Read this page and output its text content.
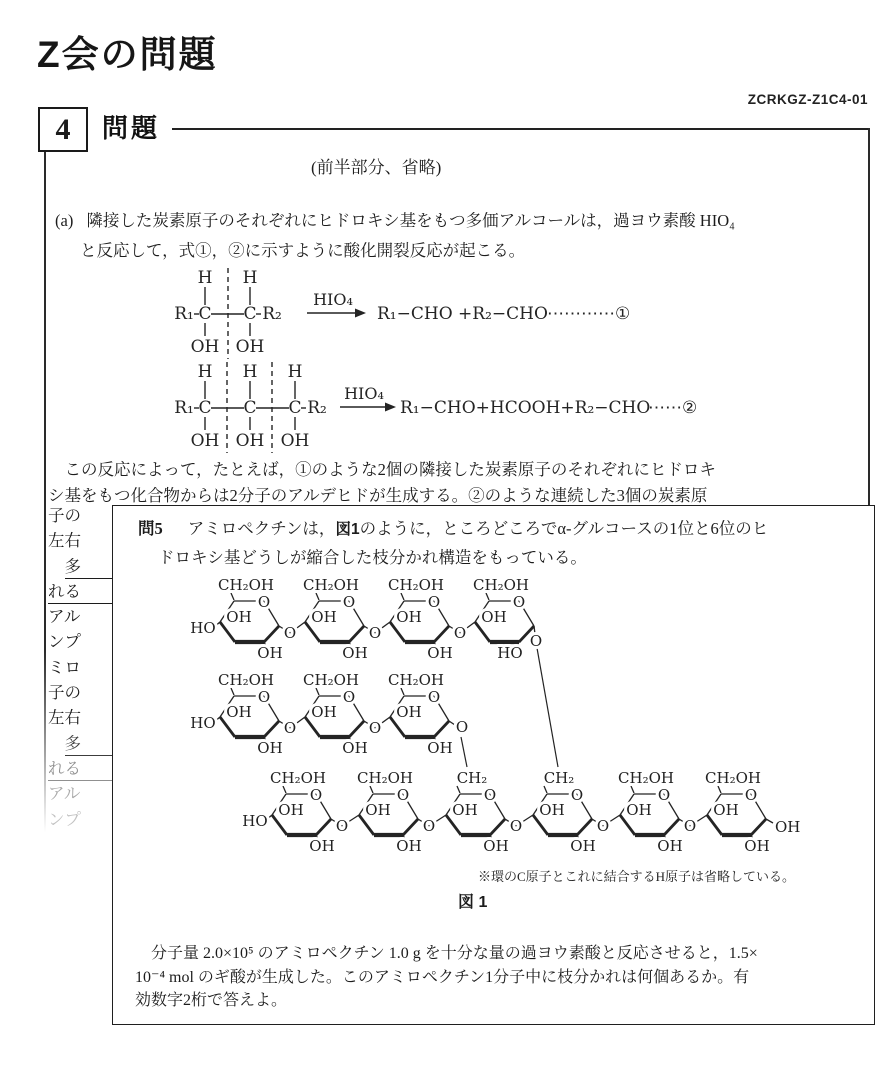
Z会の問題
ZCRKGZ-Z1C4-01
4 問題
(前半部分、省略)
(a) 隣接した炭素原子のそれぞれにヒドロキシ基をもつ多価アルコールは，過ヨウ素酸 HIO₄
と反応して，式①，②に示すように酸化開裂反応が起こる。
H H
R₁ C C R₂
OH OH
HIO₄
R₁−CHO +R₂−CHO ⋯⋯⋯⋯①
H H H
R₁ C C C R₂
OH OH OH
HIO₄
R₁−CHO+HCOOH+R₂−CHO
⋯⋯②
　この反応によって，たとえば，①のような2個の隣接した炭素原子のそれぞれにヒドロキ
シ基をもつ化合物からは2分子のアルデヒドが生成する。②のような連続した3個の炭素原
子の
左右

多
れる
アル
ンプ
ミロ
子の
左右

多
れる
アル
ンプ
問5 アミロペクチンは，図1のように，ところどころでα-グルコースの1位と6位のヒ
ドロキシ基どうしが縮合した枝分かれ構造をもっている。
CH₂OH
O
OH
OH
HO	O
CH₂OH
O
OH
OH
O
CH₂OH
O
OH
OH
O
CH₂OH
O
OH
HO
O
CH₂OH
O
OH
OH
HO	O
CH₂OH
O
OH
OH
O
CH₂OH
O
OH
OH
O
CH₂OH
O
OH
OH
HO	O
CH₂OH
O
OH
OH
O
CH₂
O
OH
OH
O
CH₂
O
OH
OH
O
CH₂OH
O
OH
OH
O
CH₂OH
O
OH
OH
OH
※環のC原子とこれに結合するH原子は省略している。
図 1
　分子量 2.0×10⁵ のアミロペクチン 1.0 g を十分な量の過ヨウ素酸と反応させると，1.5×
10⁻⁴ mol のギ酸が生成した。このアミロペクチン1分子中に枝分かれは何個あるか。有
効数字2桁で答えよ。
